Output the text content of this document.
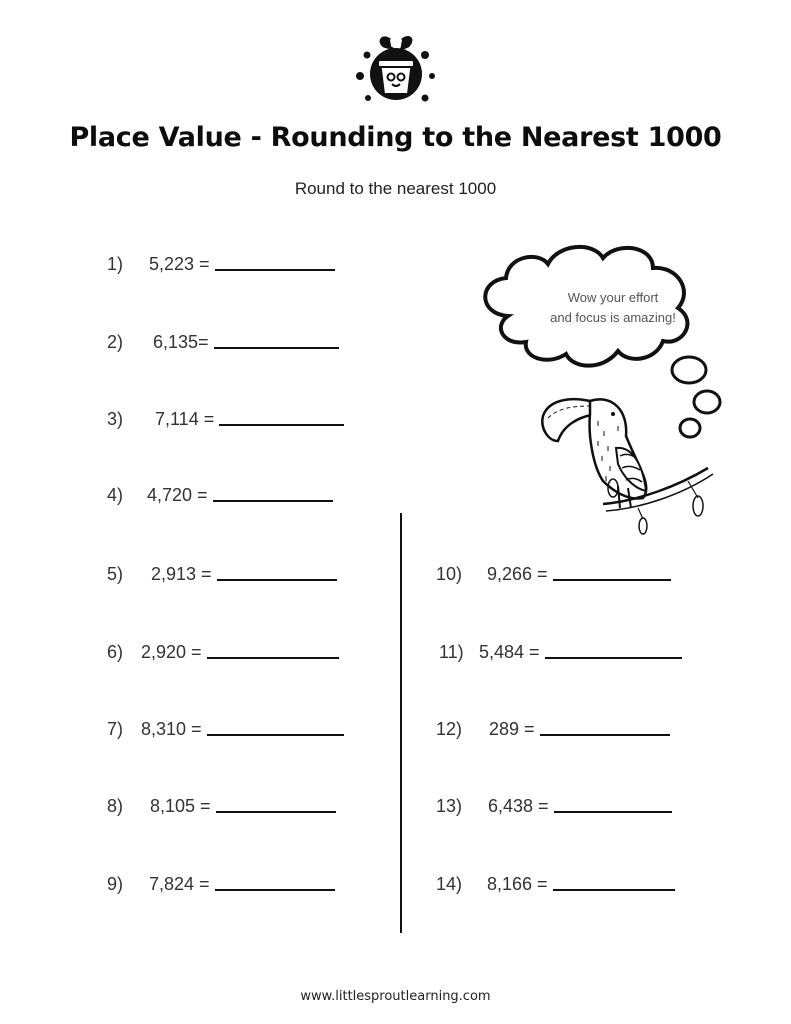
Place Value - Rounding to the Nearest 1000
Round to the nearest 1000
1)	5,223 =
2)	6,135 =
3)	7,114 =
4)	4,720 =
5)	2,913 =
6) 2,920 =
7) 8,310 =
8)	8,105 =
9)	7,824 =
10)	9,266 =
11) 5,484 =
12)	289 =
13)	6,438 =
14)	8,166 =
Wow your effort
and focus is amazing!
www.littlesproutlearning.com
